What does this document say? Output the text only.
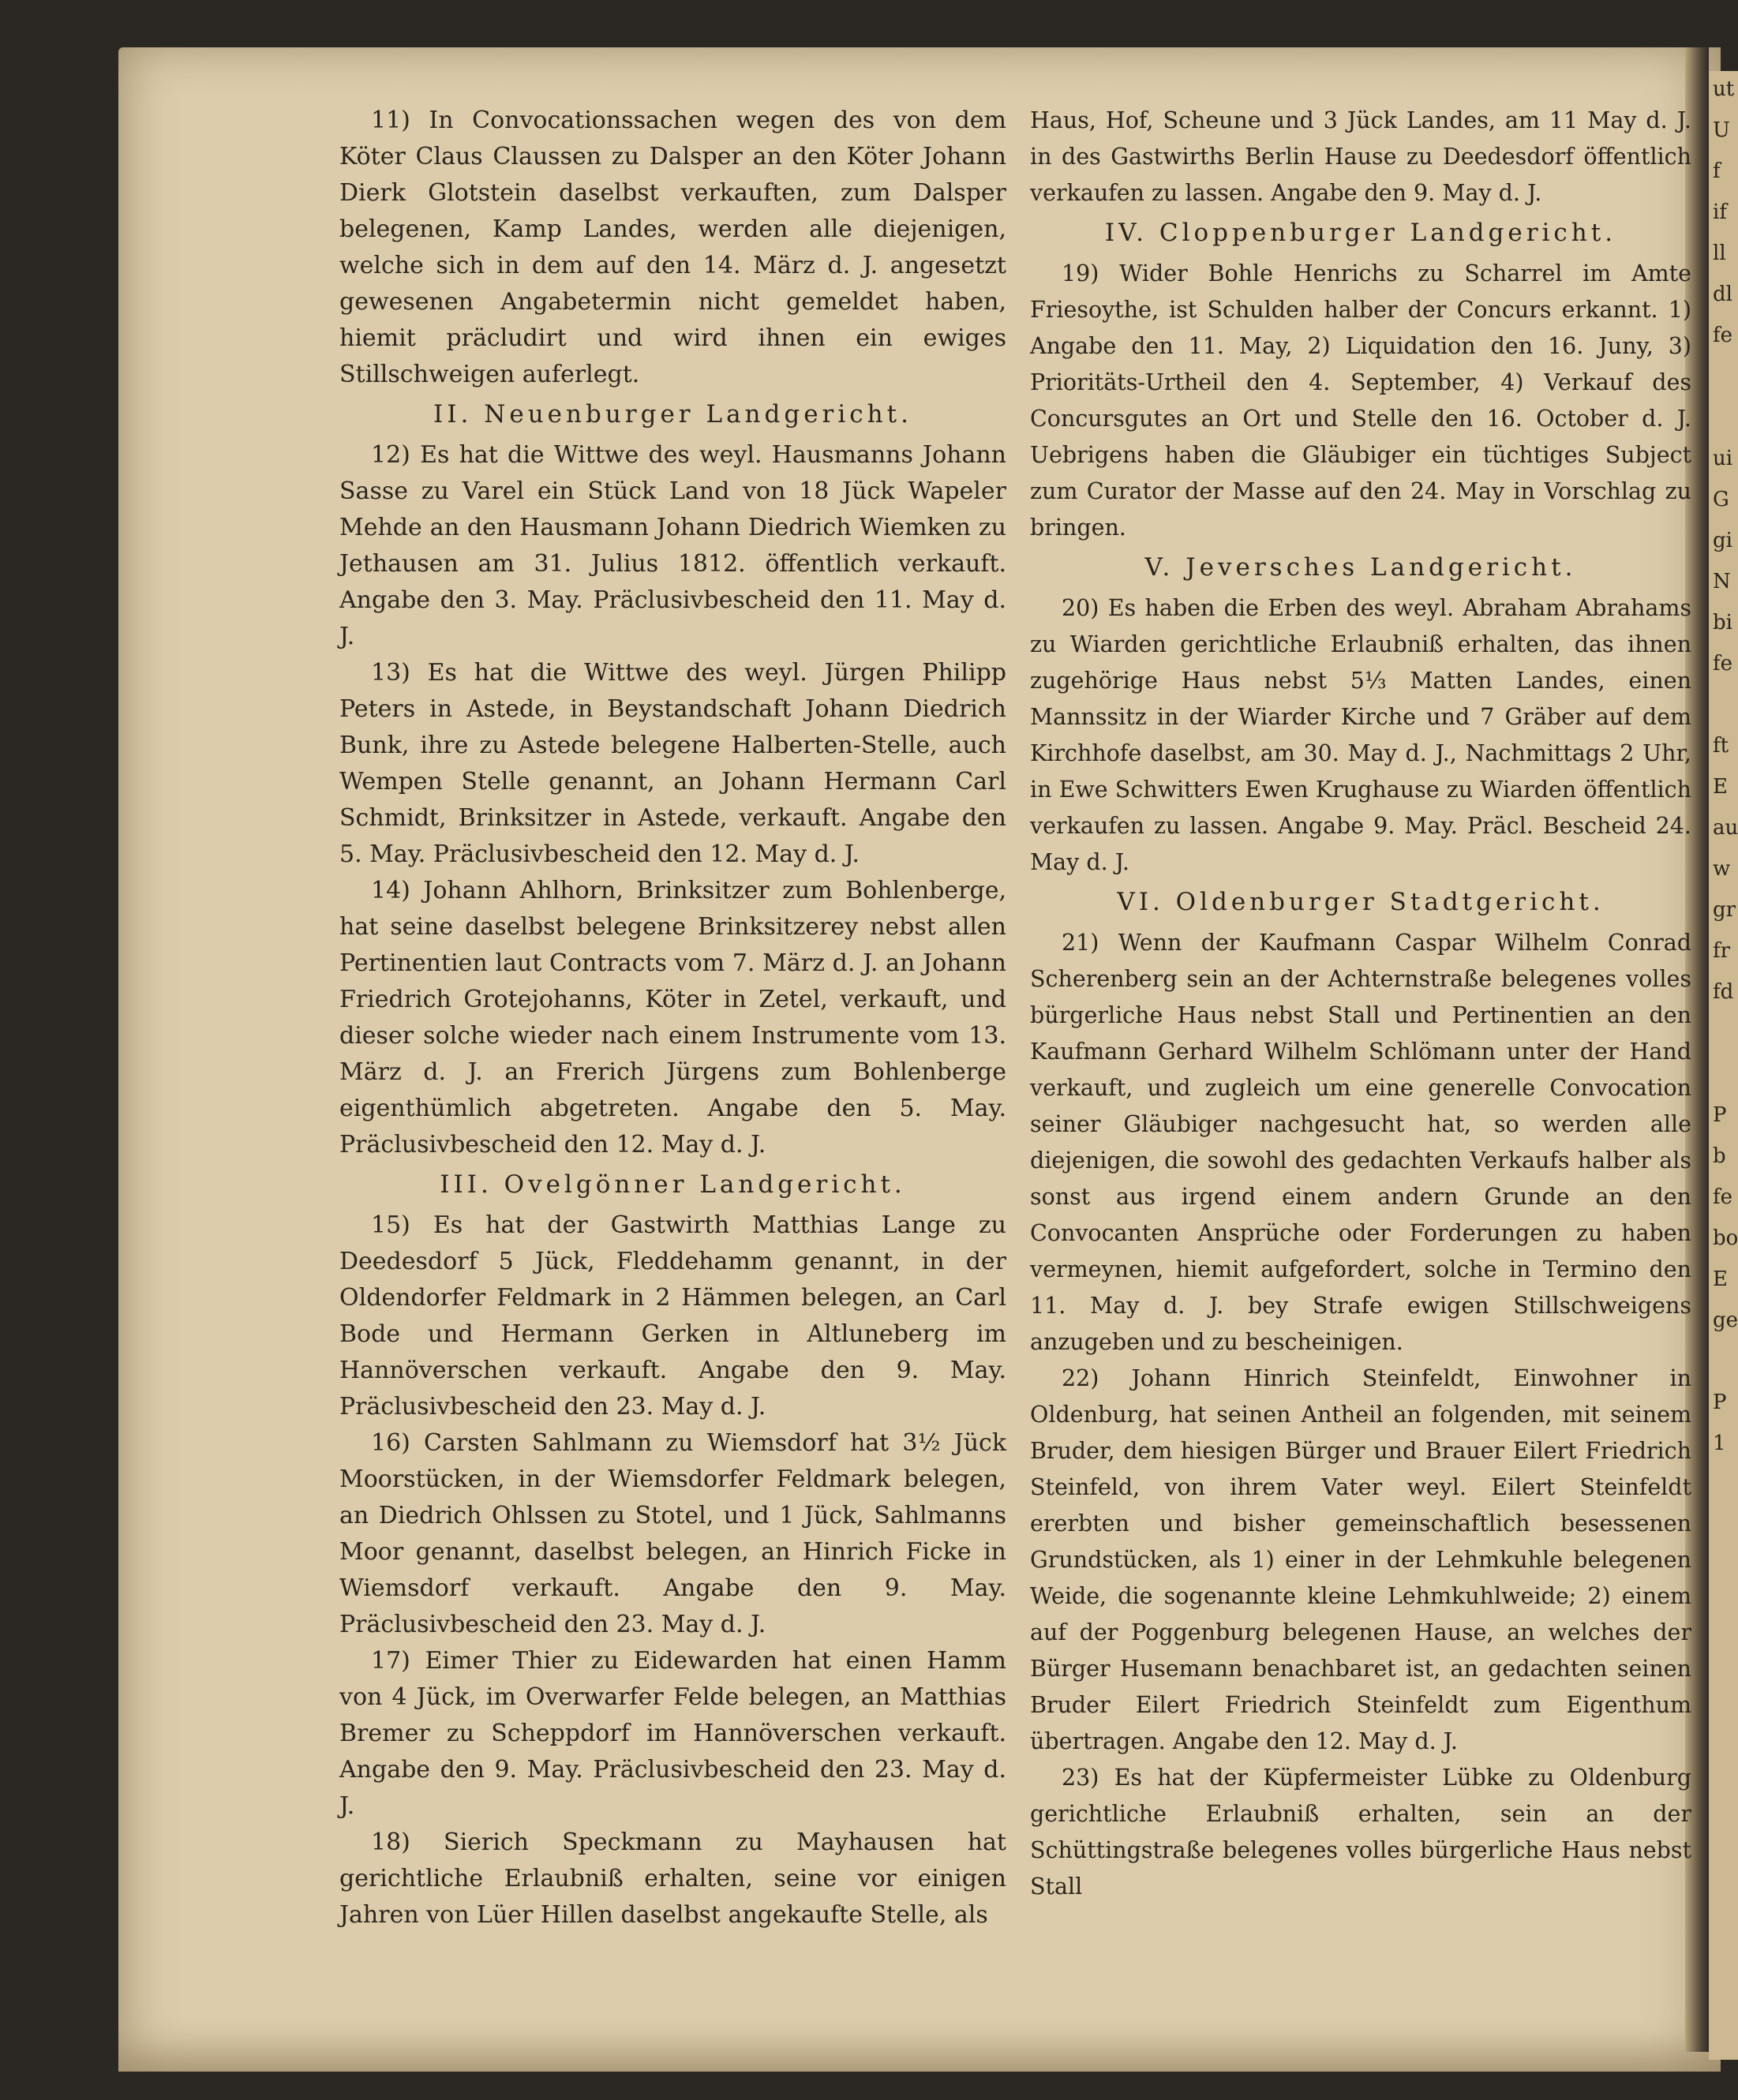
11) In Convocationssachen wegen des von dem Köter Claus Claussen zu Dalsper an den Köter Johann Dierk Glotstein daselbst verkauften, zum Dalsper belegenen, Kamp Landes, werden alle diejenigen, welche sich in dem auf den 14. März d. J. angesetzt gewesenen Angabetermin nicht gemeldet haben, hiemit präcludirt und wird ihnen ein ewiges Stillschweigen auferlegt.

II. Neuenburger Landgericht.

12) Es hat die Wittwe des weyl. Hausmanns Johann Sasse zu Varel ein Stück Land von 18 Jück Wapeler Mehde an den Hausmann Johann Diedrich Wiemken zu Jethausen am 31. Julius 1812. öffentlich verkauft. Angabe den 3. May. Präclusivbescheid den 11. May d. J.

13) Es hat die Wittwe des weyl. Jürgen Philipp Peters in Astede, in Beystandschaft Johann Diedrich Bunk, ihre zu Astede belegene Halberten-Stelle, auch Wempen Stelle genannt, an Johann Hermann Carl Schmidt, Brinksitzer in Astede, verkauft. Angabe den 5. May. Präclusivbescheid den 12. May d. J.

14) Johann Ahlhorn, Brinksitzer zum Bohlenberge, hat seine daselbst belegene Brinksitzerey nebst allen Pertinentien laut Contracts vom 7. März d. J. an Johann Friedrich Grotejohanns, Köter in Zetel, verkauft, und dieser solche wieder nach einem Instrumente vom 13. März d. J. an Frerich Jürgens zum Bohlenberge eigenthümlich abgetreten. Angabe den 5. May. Präclusivbescheid den 12. May d. J.

III. Ovelgönner Landgericht.

15) Es hat der Gastwirth Matthias Lange zu Deedesdorf 5 Jück, Fleddehamm genannt, in der Oldendorfer Feldmark in 2 Hämmen belegen, an Carl Bode und Hermann Gerken in Altluneberg im Hannöverschen verkauft. Angabe den 9. May. Präclusivbescheid den 23. May d. J.

16) Carsten Sahlmann zu Wiemsdorf hat 3½ Jück Moorstücken, in der Wiemsdorfer Feldmark belegen, an Diedrich Ohlssen zu Stotel, und 1 Jück, Sahlmanns Moor genannt, daselbst belegen, an Hinrich Ficke in Wiemsdorf verkauft. Angabe den 9. May. Präclusivbescheid den 23. May d. J.

17) Eimer Thier zu Eidewarden hat einen Hamm von 4 Jück, im Overwarfer Felde belegen, an Matthias Bremer zu Scheppdorf im Hannöverschen verkauft. Angabe den 9. May. Präclusivbescheid den 23. May d. J.

18) Sierich Speckmann zu Mayhausen hat gerichtliche Erlaubniß erhalten, seine vor einigen Jahren von Lüer Hillen daselbst angekaufte Stelle, als

Haus, Hof, Scheune und 3 Jück Landes, am 11 May d. J. in des Gastwirths Berlin Hause zu Deedesdorf öffentlich verkaufen zu lassen. Angabe den 9. May d. J.

IV. Cloppenburger Landgericht.

19) Wider Bohle Henrichs zu Scharrel im Amte Friesoythe, ist Schulden halber der Concurs erkannt. 1) Angabe den 11. May, 2) Liquidation den 16. Juny, 3) Prioritäts-Urtheil den 4. September, 4) Verkauf des Concursgutes an Ort und Stelle den 16. October d. J. Uebrigens haben die Gläubiger ein tüchtiges Subject zum Curator der Masse auf den 24. May in Vorschlag zu bringen.

V. Jeversches Landgericht.

20) Es haben die Erben des weyl. Abraham Abrahams zu Wiarden gerichtliche Erlaubniß erhalten, das ihnen zugehörige Haus nebst 5⅓ Matten Landes, einen Mannssitz in der Wiarder Kirche und 7 Gräber auf dem Kirchhofe daselbst, am 30. May d. J., Nachmittags 2 Uhr, in Ewe Schwitters Ewen Krughause zu Wiarden öffentlich verkaufen zu lassen. Angabe 9. May. Präcl. Bescheid 24. May d. J.

VI. Oldenburger Stadtgericht.

21) Wenn der Kaufmann Caspar Wilhelm Conrad Scherenberg sein an der Achternstraße belegenes volles bürgerliche Haus nebst Stall und Pertinentien an den Kaufmann Gerhard Wilhelm Schlömann unter der Hand verkauft, und zugleich um eine generelle Convocation seiner Gläubiger nachgesucht hat, so werden alle diejenigen, die sowohl des gedachten Verkaufs halber als sonst aus irgend einem andern Grunde an den Convocanten Ansprüche oder Forderungen zu haben vermeynen, hiemit aufgefordert, solche in Termino den 11. May d. J. bey Strafe ewigen Stillschweigens anzugeben und zu bescheinigen.

22) Johann Hinrich Steinfeldt, Einwohner in Oldenburg, hat seinen Antheil an folgenden, mit seinem Bruder, dem hiesigen Bürger und Brauer Eilert Friedrich Steinfeld, von ihrem Vater weyl. Eilert Steinfeldt ererbten und bisher gemeinschaftlich besessenen Grundstücken, als 1) einer in der Lehmkuhle belegenen Weide, die sogenannte kleine Lehmkuhlweide; 2) einem auf der Poggenburg belegenen Hause, an welches der Bürger Husemann benachbaret ist, an gedachten seinen Bruder Eilert Friedrich Steinfeldt zum Eigenthum übertragen. Angabe den 12. May d. J.

23) Es hat der Küpfermeister Lübke zu Oldenburg gerichtliche Erlaubniß erhalten, sein an der Schüttingstraße belegenes volles bürgerliche Haus nebst Stall

ut
U
f
if
ll
dl
fe
ui
G
gi
N
bi
fe
ft
E
au
w
gr
fr
fd
P
b
fe
bo
E
ge
P
1
